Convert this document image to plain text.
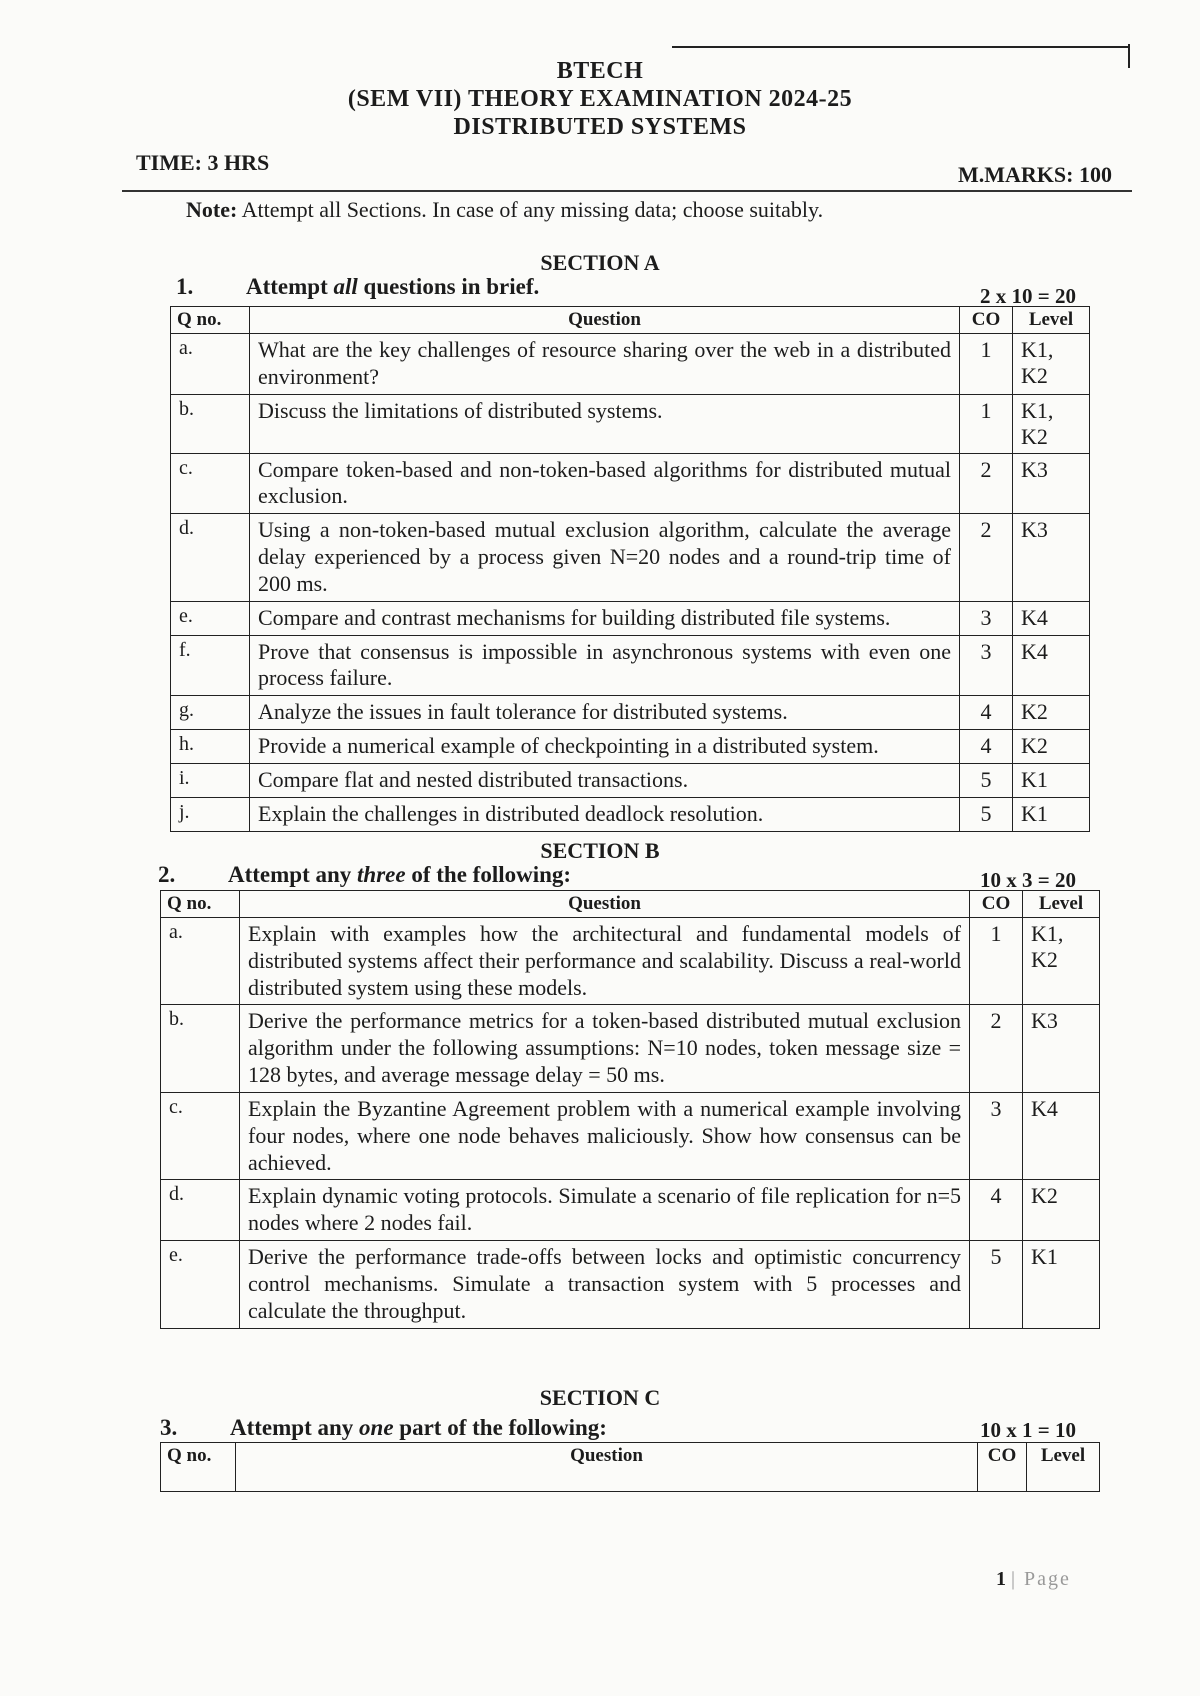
BTECH
(SEM VII) THEORY EXAMINATION 2024-25
DISTRIBUTED SYSTEMS
TIME: 3 HRS	M.MARKS: 100
Note: Attempt all Sections. In case of any missing data; choose suitably.
SECTION A
1. Attempt all questions in brief.	2 x 10 = 20
Q no.	Question	CO	Level
a.	What are the key challenges of resource sharing over the web in a distributed environment?	1	K1, K2
b.	Discuss the limitations of distributed systems.	1	K1, K2
c.	Compare token-based and non-token-based algorithms for distributed mutual exclusion.	2	K3
d.	Using a non-token-based mutual exclusion algorithm, calculate the average delay experienced by a process given N=20 nodes and a round-trip time of 200 ms.	2	K3
e.	Compare and contrast mechanisms for building distributed file systems.	3	K4
f.	Prove that consensus is impossible in asynchronous systems with even one process failure.	3	K4
g.	Analyze the issues in fault tolerance for distributed systems.	4	K2
h.	Provide a numerical example of checkpointing in a distributed system.	4	K2
i.	Compare flat and nested distributed transactions.	5	K1
j.	Explain the challenges in distributed deadlock resolution.	5	K1
SECTION B
2. Attempt any three of the following:	10 x 3 = 20
Q no.	Question	CO	Level
a.	Explain with examples how the architectural and fundamental models of distributed systems affect their performance and scalability. Discuss a real-world distributed system using these models.	1	K1, K2
b.	Derive the performance metrics for a token-based distributed mutual exclusion algorithm under the following assumptions: N=10 nodes, token message size = 128 bytes, and average message delay = 50 ms.	2	K3
c.	Explain the Byzantine Agreement problem with a numerical example involving four nodes, where one node behaves maliciously. Show how consensus can be achieved.	3	K4
d.	Explain dynamic voting protocols. Simulate a scenario of file replication for n=5 nodes where 2 nodes fail.	4	K2
e.	Derive the performance trade-offs between locks and optimistic concurrency control mechanisms. Simulate a transaction system with 5 processes and calculate the throughput.	5	K1
SECTION C
3. Attempt any one part of the following:	10 x 1 = 10
Q no.	Question	CO	Level
1 | Page
